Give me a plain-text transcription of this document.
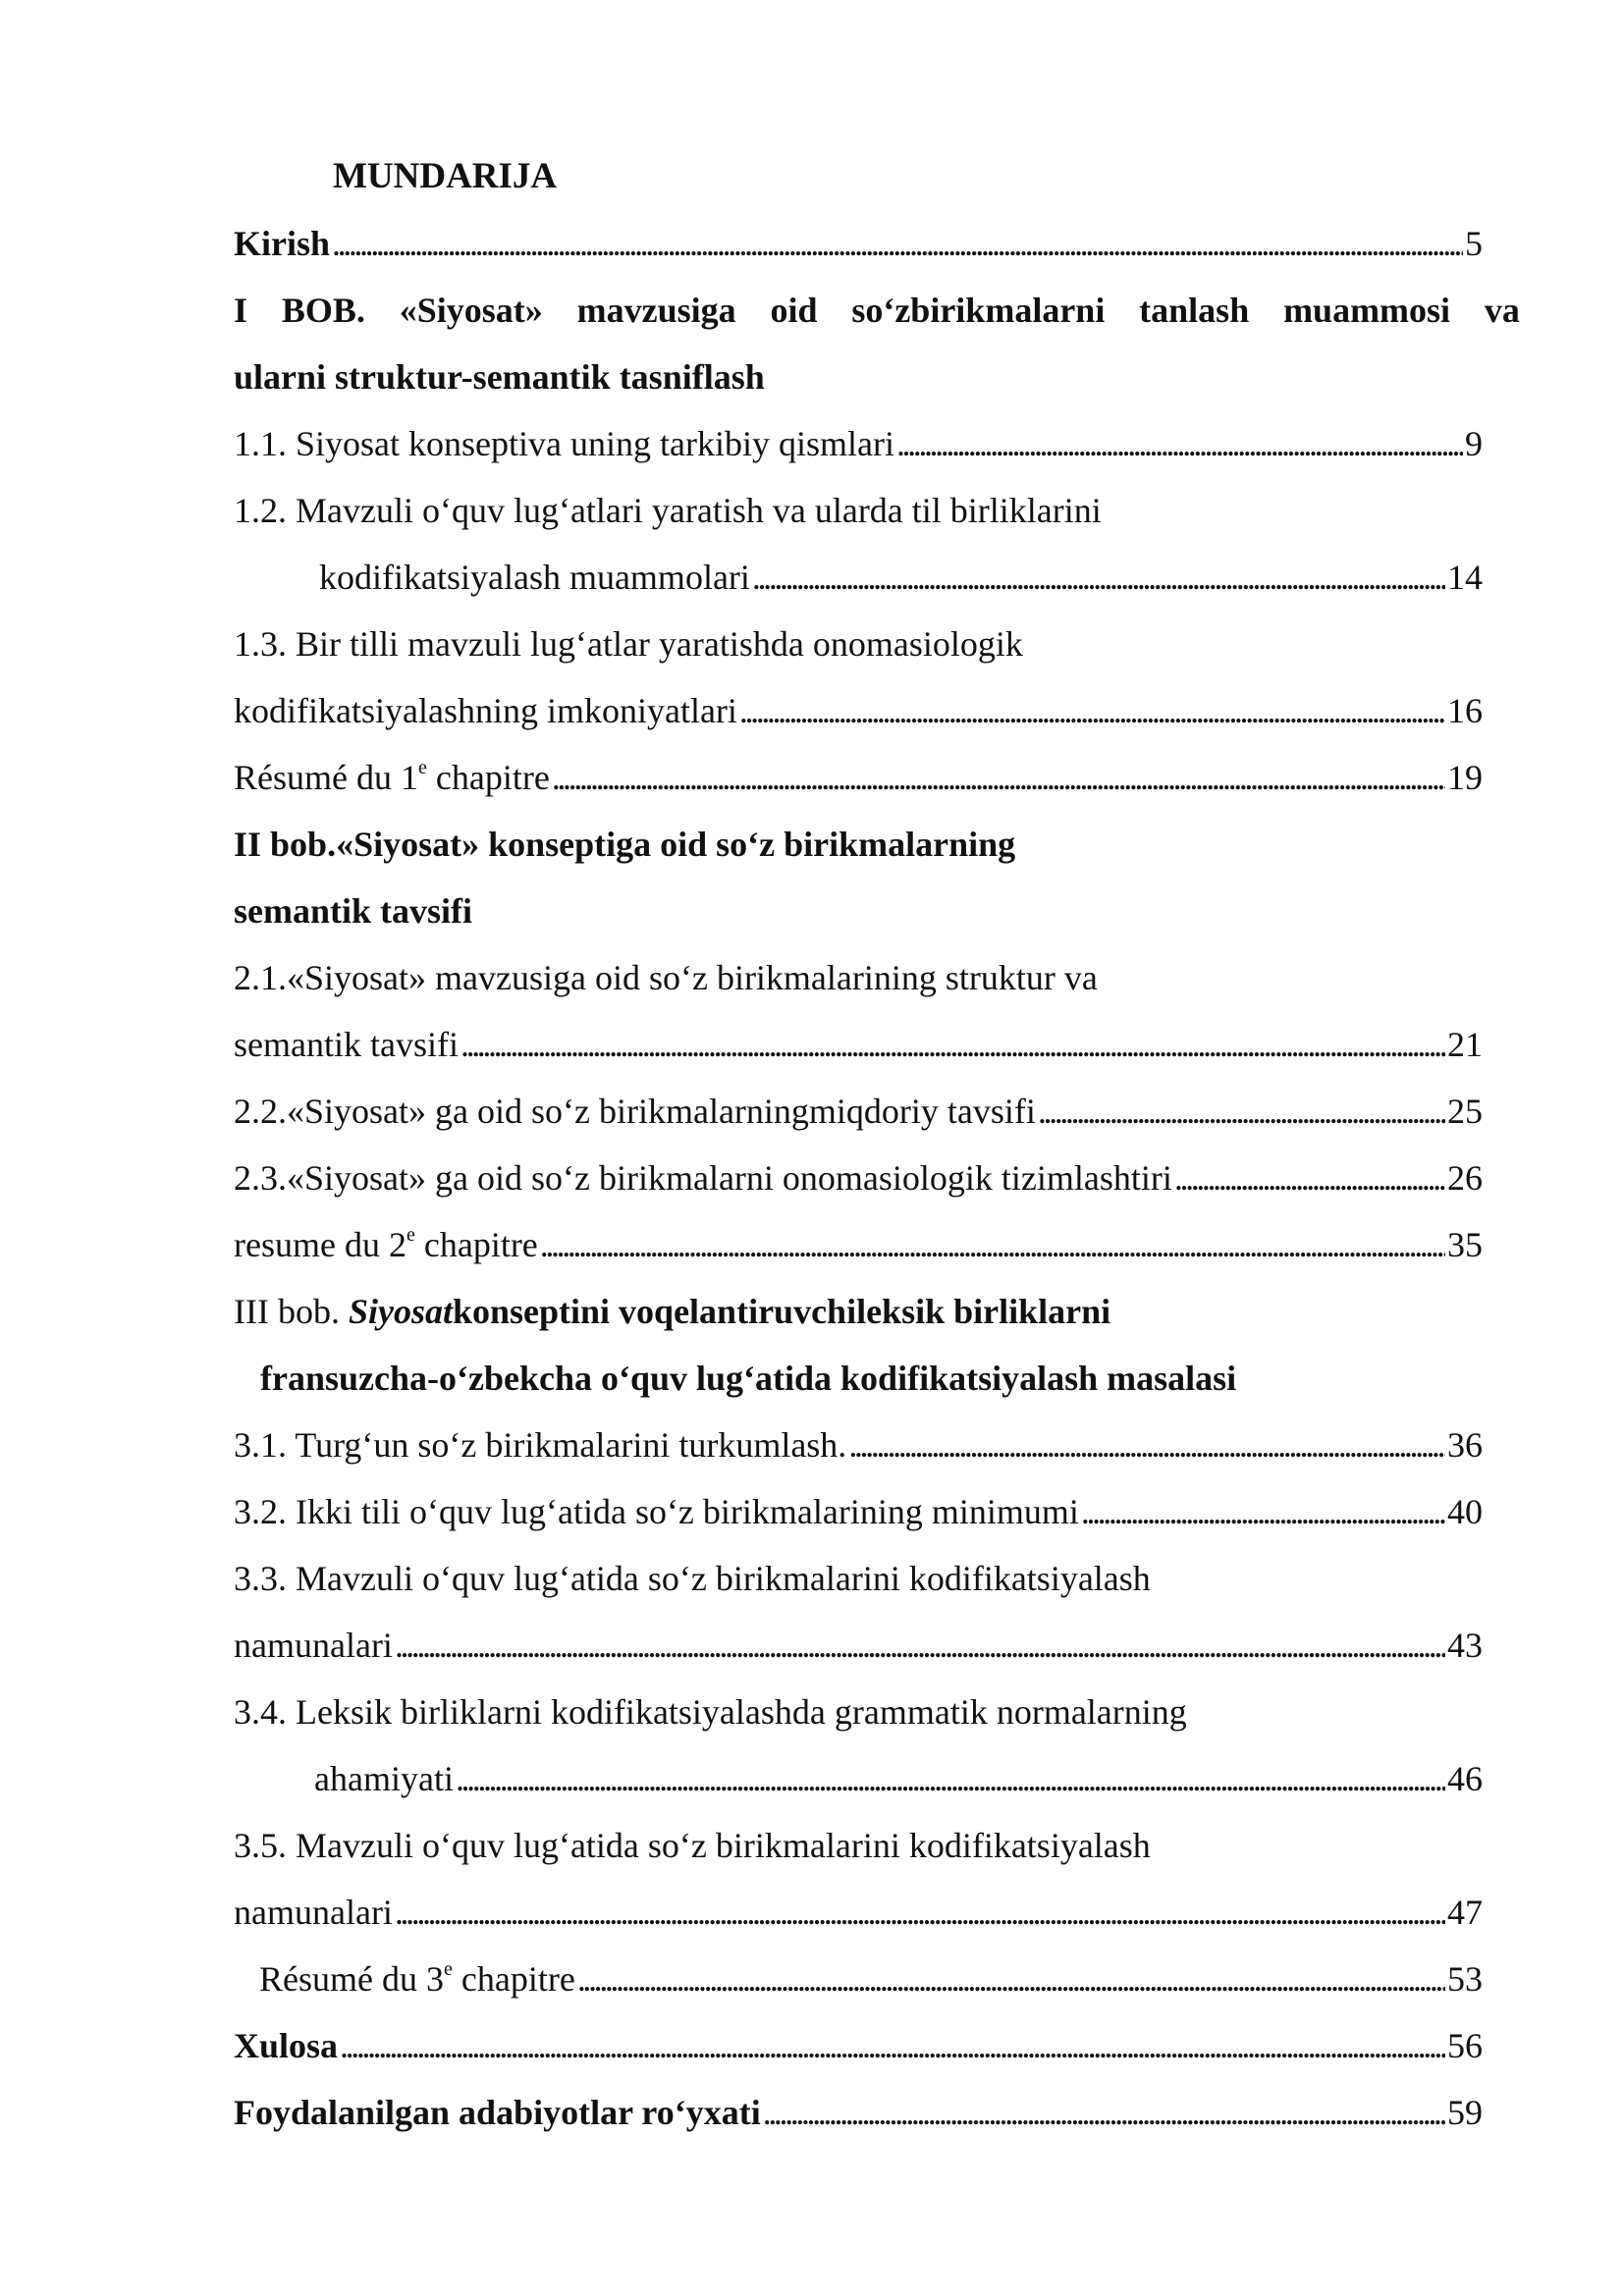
MUNDARIJA
Kirish . . .	5
I BOB. «Siyosat» mavzusiga oid so‘zbirikmalarni tanlash muammosi va
ularni struktur-semantik tasniflash
1.1. Siyosat konseptiva uning tarkibiy qismlari . . .	9
1.2. Mavzuli o‘quv lug‘atlari yaratish va ularda til birliklarini
kodifikatsiyalash muammolari . . .	14
1.3. Bir tilli mavzuli lug‘atlar yaratishda onomasiologik
kodifikatsiyalashning imkoniyatlari . . .	16
Résumé du 1e chapitre . . .	19
II bob.«Siyosat» konseptiga oid so‘z birikmalarning
semantik tavsifi
2.1.«Siyosat» mavzusiga oid so‘z birikmalarining struktur va
semantik tavsifi . . .	21
2.2.«Siyosat» ga oid so‘z birikmalarningmiqdoriy tavsifi . . .	25
2.3.«Siyosat» ga oid so‘z birikmalarni onomasiologik tizimlashtiri . . .	26
resume du 2e chapitre . . .	35
III bob. Siyosatkonseptini voqelantiruvchileksik birliklarni
fransuzcha-o‘zbekcha o‘quv lug‘atida kodifikatsiyalash masalasi
3.1. Turg‘un so‘z birikmalarini turkumlash. . . .	36
3.2. Ikki tili o‘quv lug‘atida so‘z birikmalarining minimumi . . .	40
3.3. Mavzuli o‘quv lug‘atida so‘z birikmalarini kodifikatsiyalash
namunalari . . .	43
3.4. Leksik birliklarni kodifikatsiyalashda grammatik normalarning
ahamiyati . . .	46
3.5. Mavzuli o‘quv lug‘atida so‘z birikmalarini kodifikatsiyalash
namunalari . . .	47
Résumé du 3e chapitre . . .	53
Xulosa . . .	56
Foydalanilgan adabiyotlar ro‘yxati . . .	59
